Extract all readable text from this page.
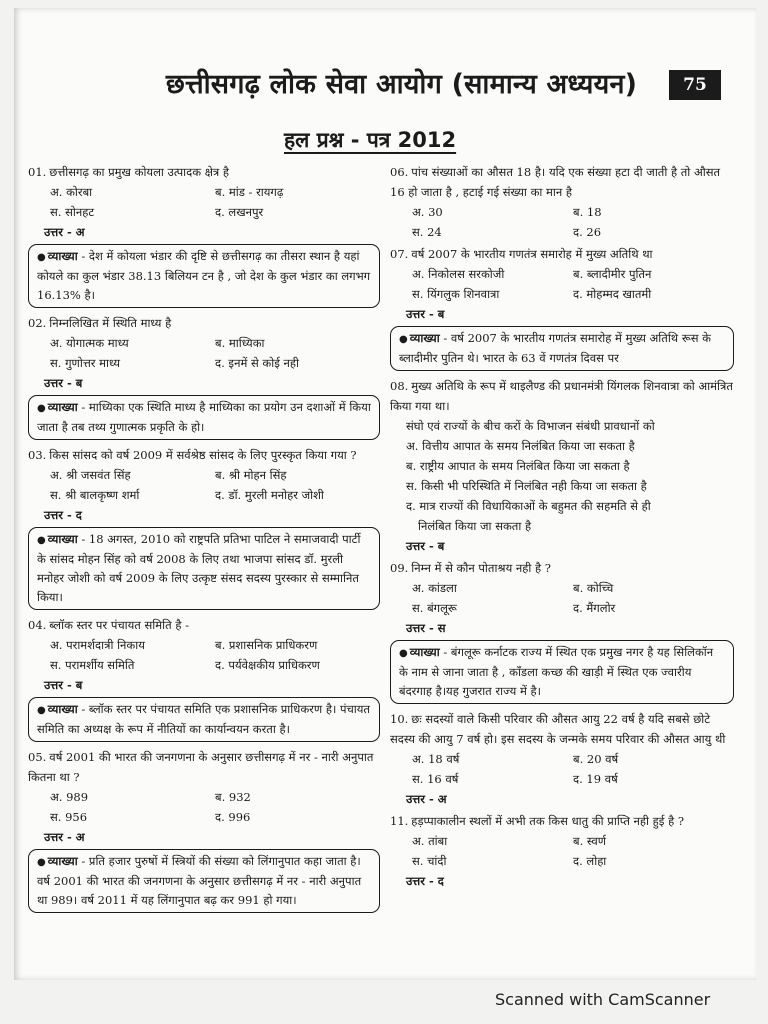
छत्तीसगढ़ लोक सेवा आयोग (सामान्य अध्ययन)	75
हल प्रश्न - पत्र 2012
01. छत्तीसगढ़ का प्रमुख कोयला उत्पादक क्षेत्र है
अ. कोरबा	ब. मांड - रायगढ़
स. सोनहट	द. लखनपुर
उत्तर - अ
● व्याख्या - देश में कोयला भंडार की दृष्टि से छत्तीसगढ़ का तीसरा स्थान है यहां कोयले का कुल भंडार 38.13 बिलियन टन है , जो देश के कुल भंडार का लगभग 16.13% है।
02. निम्नलिखित में स्थिति माध्य है
अ. योगात्मक माध्य	ब. माध्यिका
स. गुणोत्तर माध्य	द. इनमें से कोई नही
उत्तर - ब
● व्याख्या - माध्यिका एक स्थिति माध्य है माध्यिका का प्रयोग उन दशाओं में किया जाता है तब तथ्य गुणात्मक प्रकृति के हो।
03. किस सांसद को वर्ष 2009 में सर्वश्रेष्ठ सांसद के लिए पुरस्कृत किया गया ?
अ. श्री जसवंत सिंह	ब. श्री मोहन सिंह
स. श्री बालकृष्ण शर्मा	द. डॉ. मुरली मनोहर जोशी
उत्तर - द
● व्याख्या - 18 अगस्त, 2010 को राष्ट्रपति प्रतिभा पाटिल ने समाजवादी पार्टी के सांसद मोहन सिंह को वर्ष 2008 के लिए तथा भाजपा सांसद डॉ. मुरली मनोहर जोशी को वर्ष 2009 के लिए उत्कृष्ट संसद सदस्य पुरस्कार से सम्मानित किया।
04. ब्लॉक स्तर पर पंचायत समिति है -
अ. परामर्शदात्री निकाय	ब. प्रशासनिक प्राधिकरण
स. परामर्शीय समिति	द. पर्यवेक्षकीय प्राधिकरण
उत्तर - ब
● व्याख्या - ब्लॉक स्तर पर पंचायत समिति एक प्रशासनिक प्राधिकरण है। पंचायत समिति का अध्यक्ष के रूप में नीतियों का कार्यान्वयन करता है।
05. वर्ष 2001 की भारत की जनगणना के अनुसार छत्तीसगढ़ में नर - नारी अनुपात कितना था ?
अ. 989	ब. 932
स. 956	द. 996
उत्तर - अ
● व्याख्या - प्रति हजार पुरुषों में स्त्रियों की संख्या को लिंगानुपात कहा जाता है। वर्ष 2001 की भारत की जनगणना के अनुसार छत्तीसगढ़ में नर - नारी अनुपात था 989। वर्ष 2011 में यह लिंगानुपात बढ़ कर 991 हो गया।
06. पांच संख्याओं का औसत 18 है। यदि एक संख्या हटा दी जाती है तो औसत 16 हो जाता है , हटाई गई संख्या का मान है
अ. 30	ब. 18
स. 24	द. 26
07. वर्ष 2007 के भारतीय गणतंत्र समारोह में मुख्य अतिथि था
अ. निकोलस सरकोजी	ब. ब्लादीमीर पुतिन
स. यिंगलुक शिनवात्रा	द. मोहम्मद खातमी
उत्तर - ब
● व्याख्या - वर्ष 2007 के भारतीय गणतंत्र समारोह में मुख्य अतिथि रूस के ब्लादीमीर पुतिन थे। भारत के 63 वें गणतंत्र दिवस पर
08. मुख्य अतिथि के रूप में थाइलैण्ड की प्रधानमंत्री यिंगलक शिनवात्रा को आमंत्रित किया गया था।
संघो एवं राज्यों के बीच करों के विभाजन संबंधी प्रावधानों को
अ. वित्तीय आपात के समय निलंबित किया जा सकता है
ब. राष्ट्रीय आपात के समय निलंबित किया जा सकता है
स. किसी भी परिस्थिति में निलंबित नही किया जा सकता है
द. मात्र राज्यों की विधायिकाओं के बहुमत की सहमति से ही
निलंबित किया जा सकता है
उत्तर - ब
09. निम्न में से कौन पोताश्रय नही है ?
अ. कांडला	ब. कोच्चि
स. बंगलूरू	द. मैंगलोर
उत्तर - स
● व्याख्या - बंगलूरू कर्नाटक राज्य में स्थित एक प्रमुख नगर है यह सिलिकॉन के नाम से जाना जाता है , कॉंडला कच्छ की खाड़ी में स्थित एक ज्वारीय बंदरगाह है।यह गुजरात राज्य में है।
10. छः सदस्यों वाले किसी परिवार की औसत आयु 22 वर्ष है यदि सबसे छोटे सदस्य की आयु 7 वर्ष हो। इस सदस्य के जन्मके समय परिवार की औसत आयु थी
अ. 18 वर्ष	ब. 20 वर्ष
स. 16 वर्ष	द. 19 वर्ष
उत्तर - अ
11. हड़प्पाकालीन स्थलों में अभी तक किस धातु की प्राप्ति नही हुई है ?
अ. तांबा	ब. स्वर्ण
स. चांदी	द. लोहा
उत्तर - द
Scanned with CamScanner
